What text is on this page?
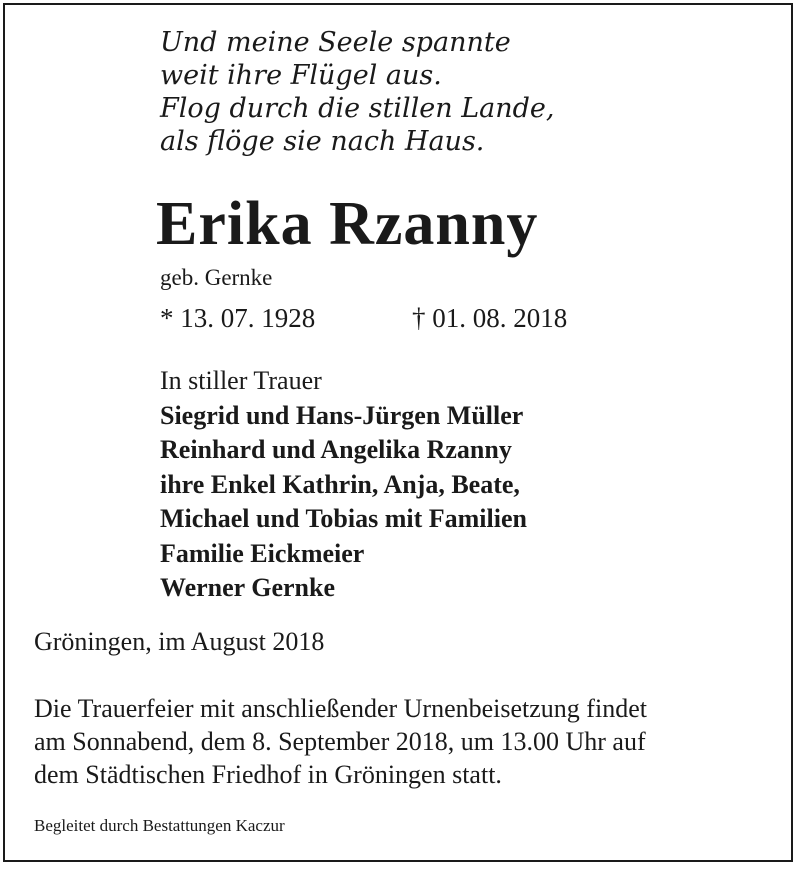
Und meine Seele spannte
weit ihre Flügel aus.
Flog durch die stillen Lande,
als flöge sie nach Haus.
Erika Rzanny
geb. Gernke
* 13. 07. 1928	† 01. 08. 2018
In stiller Trauer
Siegrid und Hans-Jürgen Müller
Reinhard und Angelika Rzanny
ihre Enkel Kathrin, Anja, Beate,
Michael und Tobias mit Familien
Familie Eickmeier
Werner Gernke
Gröningen, im August 2018
Die Trauerfeier mit anschließender Urnenbeisetzung findet
am Sonnabend, dem 8. September 2018, um 13.00 Uhr auf
dem Städtischen Friedhof in Gröningen statt.
Begleitet durch Bestattungen Kaczur
